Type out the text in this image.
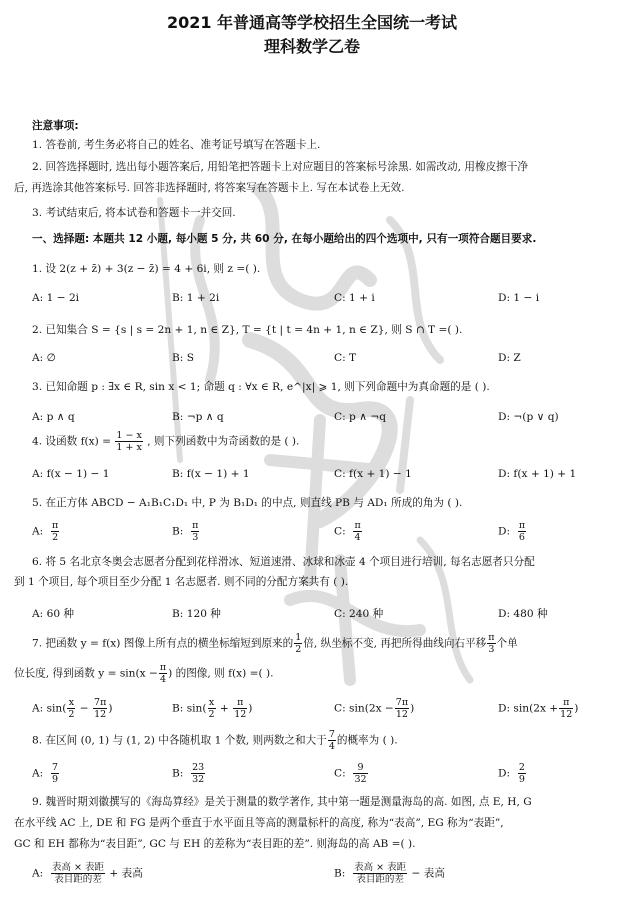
2021 年普通高等学校招生全国统一考试
理科数学乙卷
注意事项:
1. 答卷前, 考生务必将自己的姓名、准考证号填写在答题卡上.
2. 回答选择题时, 选出每小题答案后, 用铅笔把答题卡上对应题目的答案标号涂黑. 如需改动, 用橡皮擦干净
后, 再选涂其他答案标号. 回答非选择题时, 将答案写在答题卡上. 写在本试卷上无效.
3. 考试结束后, 将本试卷和答题卡一并交回.
一、选择题: 本题共 12 小题, 每小题 5 分, 共 60 分, 在每小题给出的四个选项中, 只有一项符合题目要求.
1. 设 2(z + z̄) + 3(z − z̄) = 4 + 6i, 则 z =( ).
A: 1 − 2i	B: 1 + 2i	C: 1 + i	D: 1 − i
2. 已知集合 S = {s | s = 2n + 1, n ∈ Z}, T = {t | t = 4n + 1, n ∈ Z}, 则 S ∩ T =( ).
A: ∅	B: S	C: T	D: Z
3. 已知命题 p : ∃x ∈ R, sin x < 1; 命题 q : ∀x ∈ R, e^|x| ⩾ 1, 则下列命题中为真命题的是 ( ).
A: p ∧ q	B: ¬p ∧ q	C: p ∧ ¬q	D: ¬(p ∨ q)
4. 设函数 $f(x) = \frac{1 - x}{1 + x}$ , 则下列函数中为奇函数的是 ( ).
A: f(x − 1) − 1	B: f(x − 1) + 1	C: f(x + 1) − 1	D: f(x + 1) + 1
5. 在正方体 ABCD − A₁B₁C₁D₁ 中, P 为 B₁D₁ 的中点, 则直线 PB 与 AD₁ 所成的角为 ( ).
A: $\frac{\pi}{2}$	B: $\frac{\pi}{3}$	C: $\frac{\pi}{4}$	D: $\frac{\pi}{6}$
6. 将 5 名北京冬奥会志愿者分配到花样滑冰、短道速滑、冰球和冰壶 4 个项目进行培训, 每名志愿者只分配
到 1 个项目, 每个项目至少分配 1 名志愿者. 则不同的分配方案共有 ( ).
A: 60 种	B: 120 种	C: 240 种	D: 480 种
7. 把函数 y = f(x) 图像上所有点的横坐标缩短到原来的 $\frac{1}{2}$ 倍, 纵坐标不变, 再把所得曲线向右平移 $\frac{\pi}{3}$ 个单
位长度, 得到函数 $y = \sin(x - \frac{\pi}{4}$ ) 的图像, 则 f(x) =( ).
A: $\sin( \frac{x}{2} - \frac{7\pi}{12}$ )	B: $\sin( \frac{x}{2} + \frac{\pi}{12}$ )	C: $\sin(2x - \frac{7\pi}{12}$ )	D: $\sin(2x + \frac{\pi}{12}$ )
8. 在区间 (0, 1) 与 (1, 2) 中各随机取 1 个数, 则两数之和大于 $\frac{7}{4}$ 的概率为 ( ).
A: $\frac{7}{9}$	B: $\frac{23}{32}$	C: $\frac{9}{32}$	D: $\frac{2}{9}$
9. 魏晋时期刘徽撰写的《海岛算经》是关于测量的数学著作, 其中第一题是测量海岛的高. 如图, 点 E, H, G
在水平线 AC 上, DE 和 FG 是两个垂直于水平面且等高的测量标杆的高度, 称为“表高”, EG 称为“表距”,
GC 和 EH 都称为“表目距”, GC 与 EH 的差称为“表目距的差”. 则海岛的高 AB =( ).
A: 表高 × 表距
表目距的差 + 表高	B: 表高 × 表距
表目距的差 − 表高
